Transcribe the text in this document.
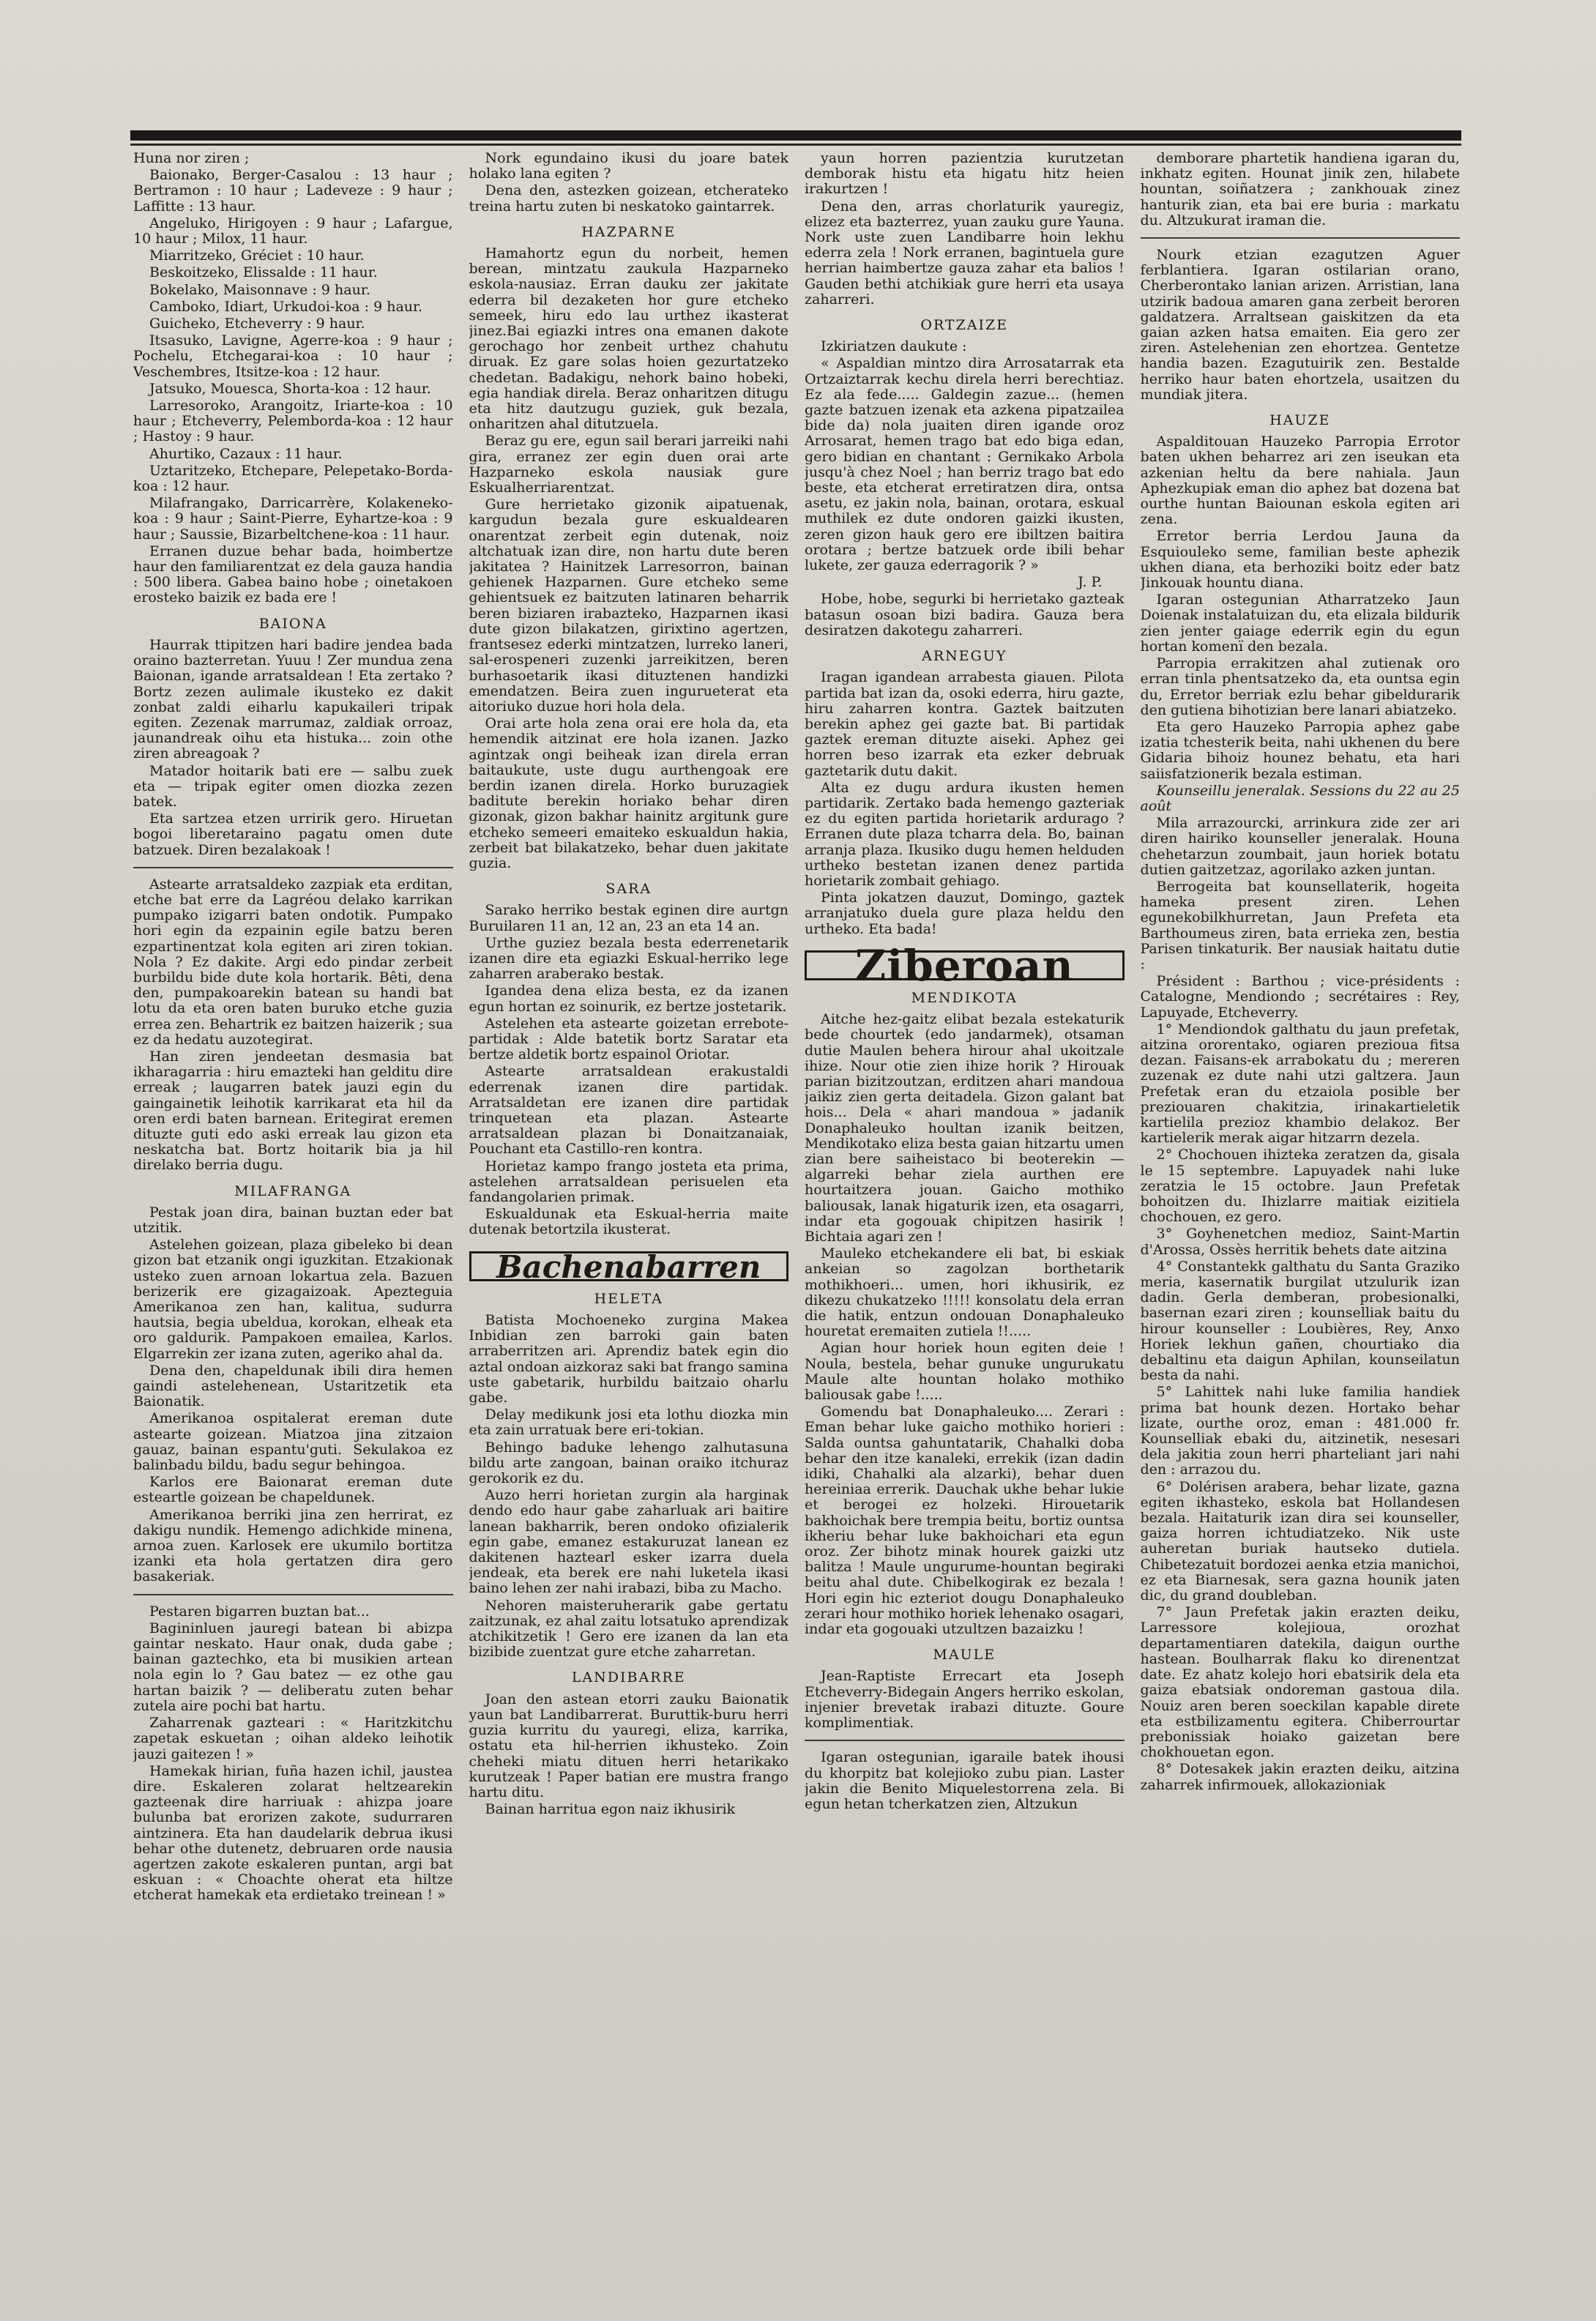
Huna nor ziren ;

Baionako, Berger-Casalou : 13 haur ; Bertramon : 10 haur ; Ladeveze : 9 haur ; Laffitte : 13 haur.

Angeluko, Hirigoyen : 9 haur ; Lafargue, 10 haur ; Milox, 11 haur.

Miarritzeko, Gréciet : 10 haur.

Beskoitzeko, Elissalde : 11 haur.

Bokelako, Maisonnave : 9 haur.

Camboko, Idiart, Urkudoi-koa : 9 haur.

Guicheko, Etcheverry : 9 haur.

Itsasuko, Lavigne, Agerre-koa : 9 haur ; Pochelu, Etchegarai-koa : 10 haur ; Veschembres, Itsitze-koa : 12 haur.

Jatsuko, Mouesca, Shorta-koa : 12 haur.

Larresoroko, Arangoitz, Iriarte-koa : 10 haur ; Etcheverry, Pelemborda-koa : 12 haur ; Hastoy : 9 haur.

Ahurtiko, Cazaux : 11 haur.

Uztaritzeko, Etchepare, Pelepetako-Borda-koa : 12 haur.

Milafrangako, Darricarrère, Kolakeneko-koa : 9 haur ; Saint-Pierre, Eyhartze-koa : 9 haur ; Saussie, Bizarbeltchene-koa : 11 haur.

Erranen duzue behar bada, hoimbertze haur den familiarentzat ez dela gauza handia : 500 libera. Gabea baino hobe ; oinetakoen erosteko baizik ez bada ere !

BAIONA

Haurrak ttipitzen hari badire jendea bada oraino bazterretan. Yuuu ! Zer mundua zena Baionan, igande arratsaldean ! Eta zertako ? Bortz zezen aulimale ikusteko ez dakit zonbat zaldi eiharlu kapukaileri tripak egiten. Zezenak marrumaz, zaldiak orroaz, jaunandreak oihu eta histuka... zoin othe ziren abreagoak ?

Matador hoitarik bati ere — salbu zuek eta — tripak egiter omen diozka zezen batek.

Eta sartzea etzen urririk gero. Hiruetan bogoi liberetaraino pagatu omen dute batzuek. Diren bezalakoak !

Astearte arratsaldeko zazpiak eta erditan, etche bat erre da Lagréou delako karrikan pumpako izigarri baten ondotik. Pumpako hori egin da ezpainin egile batzu beren ezpartinentzat kola egiten ari ziren tokian. Nola ? Ez dakite. Argi edo pindar zerbeit burbildu bide dute kola hortarik. Bêti, dena den, pumpakoarekin batean su handi bat lotu da eta oren baten buruko etche guzia errea zen. Behartrik ez baitzen haizerik ; sua ez da hedatu auzotegirat.

Han ziren jendeetan desmasia bat ikharagarria : hiru emazteki han gelditu dire erreak ; laugarren batek jauzi egin du gaingainetik leihotik karrikarat eta hil da oren erdi baten barnean. Eritegirat eremen dituzte guti edo aski erreak lau gizon eta neskatcha bat. Bortz hoitarik bia ja hil direlako berria dugu.

MILAFRANGA

Pestak joan dira, bainan buztan eder bat utzitik.

Astelehen goizean, plaza gibeleko bi dean gizon bat etzanik ongi iguzkitan. Etzakionak usteko zuen arnoan lokartua zela. Bazuen berizerik ere gizagaizoak. Apezteguia Amerikanoa zen han, kalitua, sudurra hautsia, begia ubeldua, korokan, elheak eta oro galdurik. Pampakoen emailea, Karlos. Elgarrekin zer izana zuten, ageriko ahal da.

Dena den, chapeldunak ibili dira hemen gaindi astelehenean, Ustaritzetik eta Baionatik.

Amerikanoa ospitalerat ereman dute astearte goizean. Miatzoa jina zitzaion gauaz, bainan espantu'guti. Sekulakoa ez balinbadu bildu, badu segur behingoa.

Karlos ere Baionarat ereman dute esteartle goizean be chapeldunek.

Amerikanoa berriki jina zen herrirat, ez dakigu nundik. Hemengo adichkide minena, arnoa zuen. Karlosek ere ukumilo bortitza izanki eta hola gertatzen dira gero basakeriak.

Pestaren bigarren buztan bat...

Bagininluen jauregi batean bi abizpa gaintar neskato. Haur onak, duda gabe ; bainan gaztechko, eta bi musikien artean nola egin lo ? Gau batez — ez othe gau hartan baizik ? — deliberatu zuten behar zutela aire pochi bat hartu.

Zaharrenak gazteari : « Haritzkitchu zapetak eskuetan ; oihan aldeko leihotik jauzi gaitezen ! »

Hamekak hirian, fuña hazen ichil, jaustea dire. Eskaleren zolarat heltzearekin gazteenak dire harriuak : ahizpa joare bulunba bat erorizen zakote, sudurraren aintzinera. Eta han daudelarik debrua ikusi behar othe dutenetz, debruaren orde nausia agertzen zakote eskaleren puntan, argi bat eskuan : « Choachte oherat eta hiltze etcherat hamekak eta erdietako treinean ! »

Nork egundaino ikusi du joare batek holako lana egiten ?

Dena den, astezken goizean, etcherateko treina hartu zuten bi neskatoko gaintarrek.

HAZPARNE

Hamahortz egun du norbeit, hemen berean, mintzatu zaukula Hazparneko eskola-nausiaz. Erran dauku zer jakitate ederra bil dezaketen hor gure etcheko semeek, hiru edo lau urthez ikasterat jinez.Bai egiazki intres ona emanen dakote gerochago hor zenbeit urthez chahutu diruak. Ez gare solas hoien gezurtatzeko chedetan. Badakigu, nehork baino hobeki, egia handiak direla. Beraz onharitzen ditugu eta hitz dautzugu guziek, guk bezala, onharitzen ahal ditutzuela.

Beraz gu ere, egun sail berari jarreiki nahi gira, erranez zer egin duen orai arte Hazparneko eskola nausiak gure Eskualherriarentzat.

Gure herrietako gizonik aipatuenak, kargudun bezala gure eskualdearen onarentzat zerbeit egin dutenak, noiz altchatuak izan dire, non hartu dute beren jakitatea ? Hainitzek Larresorron, bainan gehienek Hazparnen. Gure etcheko seme gehientsuek ez baitzuten latinaren beharrik beren biziaren irabazteko, Hazparnen ikasi dute gizon bilakatzen, girixtino agertzen, frantsesez ederki mintzatzen, lurreko laneri, sal-erospeneri zuzenki jarreikitzen, beren burhasoetarik ikasi dituztenen handizki emendatzen. Beira zuen ingurueterat eta aitoriuko duzue hori hola dela.

Orai arte hola zena orai ere hola da, eta hemendik aitzinat ere hola izanen. Jazko agintzak ongi beiheak izan direla erran baitaukute, uste dugu aurthengoak ere berdin izanen direla. Horko buruzagiek baditute berekin horiako behar diren gizonak, gizon bakhar hainitz argitunk gure etcheko semeeri emaiteko eskualdun hakia, zerbeit bat bilakatzeko, behar duen jakitate guzia.

SARA

Sarako herriko bestak eginen dire aurtgn Buruilaren 11 an, 12 an, 23 an eta 14 an.

Urthe guziez bezala besta ederrenetarik izanen dire eta egiazki Eskual-herriko lege zaharren araberako bestak.

Igandea dena eliza besta, ez da izanen egun hortan ez soinurik, ez bertze jostetarik.

Astelehen eta astearte goizetan errebote-partidak : Alde batetik bortz Saratar eta bertze aldetik bortz espainol Oriotar.

Astearte arratsaldean erakustaldi ederrenak izanen dire partidak. Arratsaldetan ere izanen dire partidak trinquetean eta plazan. Astearte arratsaldean plazan bi Donaitzanaiak, Pouchant eta Castillo-ren kontra.

Horietaz kampo frango josteta eta prima, astelehen arratsaldean perisuelen eta fandangolarien primak.

Eskualdunak eta Eskual-herria maite dutenak betortzila ikusterat.

Bachenabarren
HELETA

Batista Mochoeneko zurgina Makea Inbidian zen barroki gain baten arraberritzen ari. Aprendiz batek egin dio aztal ondoan aizkoraz saki bat frango samina uste gabetarik, hurbildu baitzaio oharlu gabe.

Delay medikunk josi eta lothu diozka min eta zain urratuak bere eri-tokian.

Behingo baduke lehengo zalhutasuna bildu arte zangoan, bainan oraiko itchuraz gerokorik ez du.

Auzo herri horietan zurgin ala harginak dendo edo haur gabe zaharluak ari baitire lanean bakharrik, beren ondoko ofizialerik egin gabe, emanez estakuruzat lanean ez dakitenen haztearl esker izarra duela jendeak, eta berek ere nahi luketela ikasi baino lehen zer nahi irabazi, biba zu Macho.

Nehoren maisteruherarik gabe gertatu zaitzunak, ez ahal zaitu lotsatuko aprendizak atchikitzetik ! Gero ere izanen da lan eta bizibide zuentzat gure etche zaharretan.

LANDIBARRE

Joan den astean etorri zauku Baionatik yaun bat Landibarrerat. Buruttik-buru herri guzia kurritu du yauregi, eliza, karrika, ostatu eta hil-herrien ikhusteko. Zoin cheheki miatu dituen herri hetarikako kurutzeak ! Paper batian ere mustra frango hartu ditu.

Bainan harritua egon naiz ikhusirik

yaun horren pazientzia kurutzetan demborak histu eta higatu hitz heien irakurtzen !

Dena den, arras chorlaturik yauregiz, elizez eta bazterrez, yuan zauku gure Yauna. Nork uste zuen Landibarre hoin lekhu ederra zela ! Nork erranen, bagintuela gure herrian haimbertze gauza zahar eta balios ! Gauden bethi atchikiak gure herri eta usaya zaharreri.

ORTZAIZE

Izkiriatzen daukute :

« Aspaldian mintzo dira Arrosatarrak eta Ortzaiztarrak kechu direla herri berechtiaz. Ez ala fede..... Galdegin zazue... (hemen gazte batzuen izenak eta azkena pipatzailea bide da) nola juaiten diren igande oroz Arrosarat, hemen trago bat edo biga edan, gero bidian en chantant : Gernikako Arbola jusqu'à chez Noel ; han berriz trago bat edo beste, eta etcherat erretiratzen dira, ontsa asetu, ez jakin nola, bainan, orotara, eskual muthilek ez dute ondoren gaizki ikusten, zeren gizon hauk gero ere ibiltzen baitira orotara ; bertze batzuek orde ibili behar lukete, zer gauza ederragorik ? »

J. P.

Hobe, hobe, segurki bi herrietako gazteak batasun osoan bizi badira. Gauza bera desiratzen dakotegu zaharreri.

ARNEGUY

Iragan igandean arrabesta giauen. Pilota partida bat izan da, osoki ederra, hiru gazte, hiru zaharren kontra. Gaztek baitzuten berekin aphez gei gazte bat. Bi partidak gaztek ereman dituzte aiseki. Aphez gei horren beso izarrak eta ezker debruak gaztetarik dutu dakit.

Alta ez dugu ardura ikusten hemen partidarik. Zertako bada hemengo gazteriak ez du egiten partida horietarik ardurago ? Erranen dute plaza tcharra dela. Bo, bainan arranja plaza. Ikusiko dugu hemen helduden urtheko bestetan izanen denez partida horietarik zombait gehiago.

Pinta jokatzen dauzut, Domingo, gaztek arranjatuko duela gure plaza heldu den urtheko. Eta bada!

Ziberoan
MENDIKOTA

Aitche hez-gaitz elibat bezala estekaturik bede chourtek (edo jandarmek), otsaman dutie Maulen behera hirour ahal ukoitzale ihize. Nour otie zien ihize horik ? Hirouak parian bizitzoutzan, erditzen ahari mandoua jaikiz zien gerta deitadela. Gizon galant bat hois... Dela « ahari mandoua » jadanik Donaphaleuko houltan izanik beitzen, Mendikotako eliza besta gaian hitzartu umen zian bere saiheistaco bi beoterekin — algarreki behar ziela aurthen ere hourtaitzera jouan. Gaicho mothiko baliousak, lanak higaturik izen, eta osagarri, indar eta gogouak chipitzen hasirik ! Bichtaia agari zen !

Mauleko etchekandere eli bat, bi eskiak ankeian so zagolzan borthetarik mothikhoeri... umen, hori ikhusirik, ez dikezu chukatzeko !!!!! konsolatu dela erran die hatik, entzun ondouan Donaphaleuko houretat eremaiten zutiela !!.....

Agian hour horiek houn egiten deie ! Noula, bestela, behar gunuke ungurukatu Maule alte hountan holako mothiko baliousak gabe !.....

Gomendu bat Donaphaleuko.... Zerari : Eman behar luke gaicho mothiko horieri : Salda ountsa gahuntatarik, Chahalki doba behar den itze kanaleki, errekik (izan dadin idiki, Chahalki ala alzarki), behar duen hereiniaa errerik. Dauchak ukhe behar lukie et berogei ez holzeki. Hirouetarik bakhoichak bere trempia beitu, bortiz ountsa ikheriu behar luke bakhoichari eta egun oroz. Zer bihotz minak hourek gaizki utz balitza ! Maule ungurume-hountan begiraki beitu ahal dute. Chibelkogirak ez bezala ! Hori egin hic ezteriot dougu Donaphaleuko zerari hour mothiko horiek lehenako osagari, indar eta gogouaki utzultzen bazaizku !

MAULE

Jean-Raptiste Errecart eta Joseph Etcheverry-Bidegain Angers herriko eskolan, injenier brevetak irabazi dituzte. Goure komplimentiak.

Igaran ostegunian, igaraile batek ihousi du khorpitz bat kolejioko zubu pian. Laster jakin die Benito Miquelestorrena zela. Bi egun hetan tcherkatzen zien, Altzukun

demborare phartetik handiena igaran du, inkhatz egiten. Hounat jinik zen, hilabete hountan, soiñatzera ; zankhouak zinez hanturik zian, eta bai ere buria : markatu du. Altzukurat iraman die.

Nourk etzian ezagutzen Aguer ferblantiera. Igaran ostilarian orano, Cherberontako lanian arizen. Arristian, lana utzirik badoua amaren gana zerbeit beroren galdatzera. Arraltsean gaiskitzen da eta gaian azken hatsa emaiten. Eia gero zer ziren. Astelehenian zen ehortzea. Gentetze handia bazen. Ezagutuirik zen. Bestalde herriko haur baten ehortzela, usaitzen du mundiak jitera.

HAUZE

Aspalditouan Hauzeko Parropia Errotor baten ukhen beharrez ari zen iseukan eta azkenian heltu da bere nahiala. Jaun Aphezkupiak eman dio aphez bat dozena bat ourthe huntan Baiounan eskola egiten ari zena.

Erretor berria Lerdou Jauna da Esquiouleko seme, familian beste aphezik ukhen diana, eta berhoziki boitz eder batz Jinkouak hountu diana.

Igaran ostegunian Atharratzeko Jaun Doienak instalatuizan du, eta elizala bildurik zien jenter gaiage ederrik egin du egun hortan komenï den bezala.

Parropia errakitzen ahal zutienak oro erran tinla phentsatzeko da, eta ountsa egin du, Erretor berriak ezlu behar gibeldurarik den gutiena bihotizian bere lanari abiatzeko.

Eta gero Hauzeko Parropia aphez gabe izatia tchesterik beita, nahi ukhenen du bere Gidaria bihoiz hounez behatu, eta hari saiisfatzionerik bezala estiman.

Kounseillu jeneralak. Sessions du 22 au 25 août

Mila arrazourcki, arrinkura zide zer ari diren hairiko kounseller jeneralak. Houna chehetarzun zoumbait, jaun horiek botatu dutien gaitzetzaz, agorilako azken juntan.

Berrogeita bat kounsellaterik, hogeita hameka present ziren. Lehen egunekobilkhurretan, Jaun Prefeta eta Barthoumeus ziren, bata errieka zen, bestia Parisen tinkaturik. Ber nausiak haitatu dutie :

Président : Barthou ; vice-présidents : Catalogne, Mendiondo ; secrétaires : Rey, Lapuyade, Etcheverry.

1° Mendiondok galthatu du jaun prefetak, aitzina ororentako, ogiaren prezioua fitsa dezan. Faisans-ek arrabokatu du ; mereren zuzenak ez dute nahi utzi galtzera. Jaun Prefetak eran du etzaiola posible ber preziouaren chakitzia, irinakartieletik kartielila prezioz khambio delakoz. Ber kartielerik merak aigar hitzarrn dezela.

2° Chochouen ihizteka zeratzen da, gisala le 15 septembre. Lapuyadek nahi luke zeratzia le 15 octobre. Jaun Prefetak bohoitzen du. Ihizlarre maitiak eizitiela chochouen, ez gero.

3° Goyhenetchen medioz, Saint-Martin d'Arossa, Ossès herritik behets date aitzina

4° Constantekk galthatu du Santa Graziko meria, kasernatik burgilat utzulurik izan dadin. Gerla demberan, probesionalki, basernan ezari ziren ; kounselliak baitu du hirour kounseller : Loubières, Rey, Anxo Horiek lekhun gañen, chourtiako dia debaltinu eta daigun Aphilan, kounseilatun besta da nahi.

5° Lahittek nahi luke familia handiek prima bat hounk dezen. Hortako behar lizate, ourthe oroz, eman : 481.000 fr. Kounselliak ebaki du, aitzinetik, nesesari dela jakitia zoun herri pharteliant jari nahi den : arrazou du.

6° Dolérisen arabera, behar lizate, gazna egiten ikhasteko, eskola bat Hollandesen bezala. Haitaturik izan dira sei kounseller, gaiza horren ichtudiatzeko. Nik uste auheretan buriak hautseko dutiela. Chibetezatuit bordozei aenka etzia manichoi, ez eta Biarnesak, sera gazna hounik jaten dic, du grand doubleban.

7° Jaun Prefetak jakin erazten deiku, Larressore kolejioua, orozhat departamentiaren datekila, daigun ourthe hastean. Boulharrak flaku ko direnentzat date. Ez ahatz kolejo hori ebatsirik dela eta gaiza ebatsiak ondoreman gastoua dila. Nouiz aren beren soeckilan kapable direte eta estbilizamentu egitera. Chiberrourtar prebonissiak hoiako gaizetan bere chokhouetan egon.

8° Dotesakek jakin erazten deiku, aitzina zaharrek infirmouek, allokazioniak
